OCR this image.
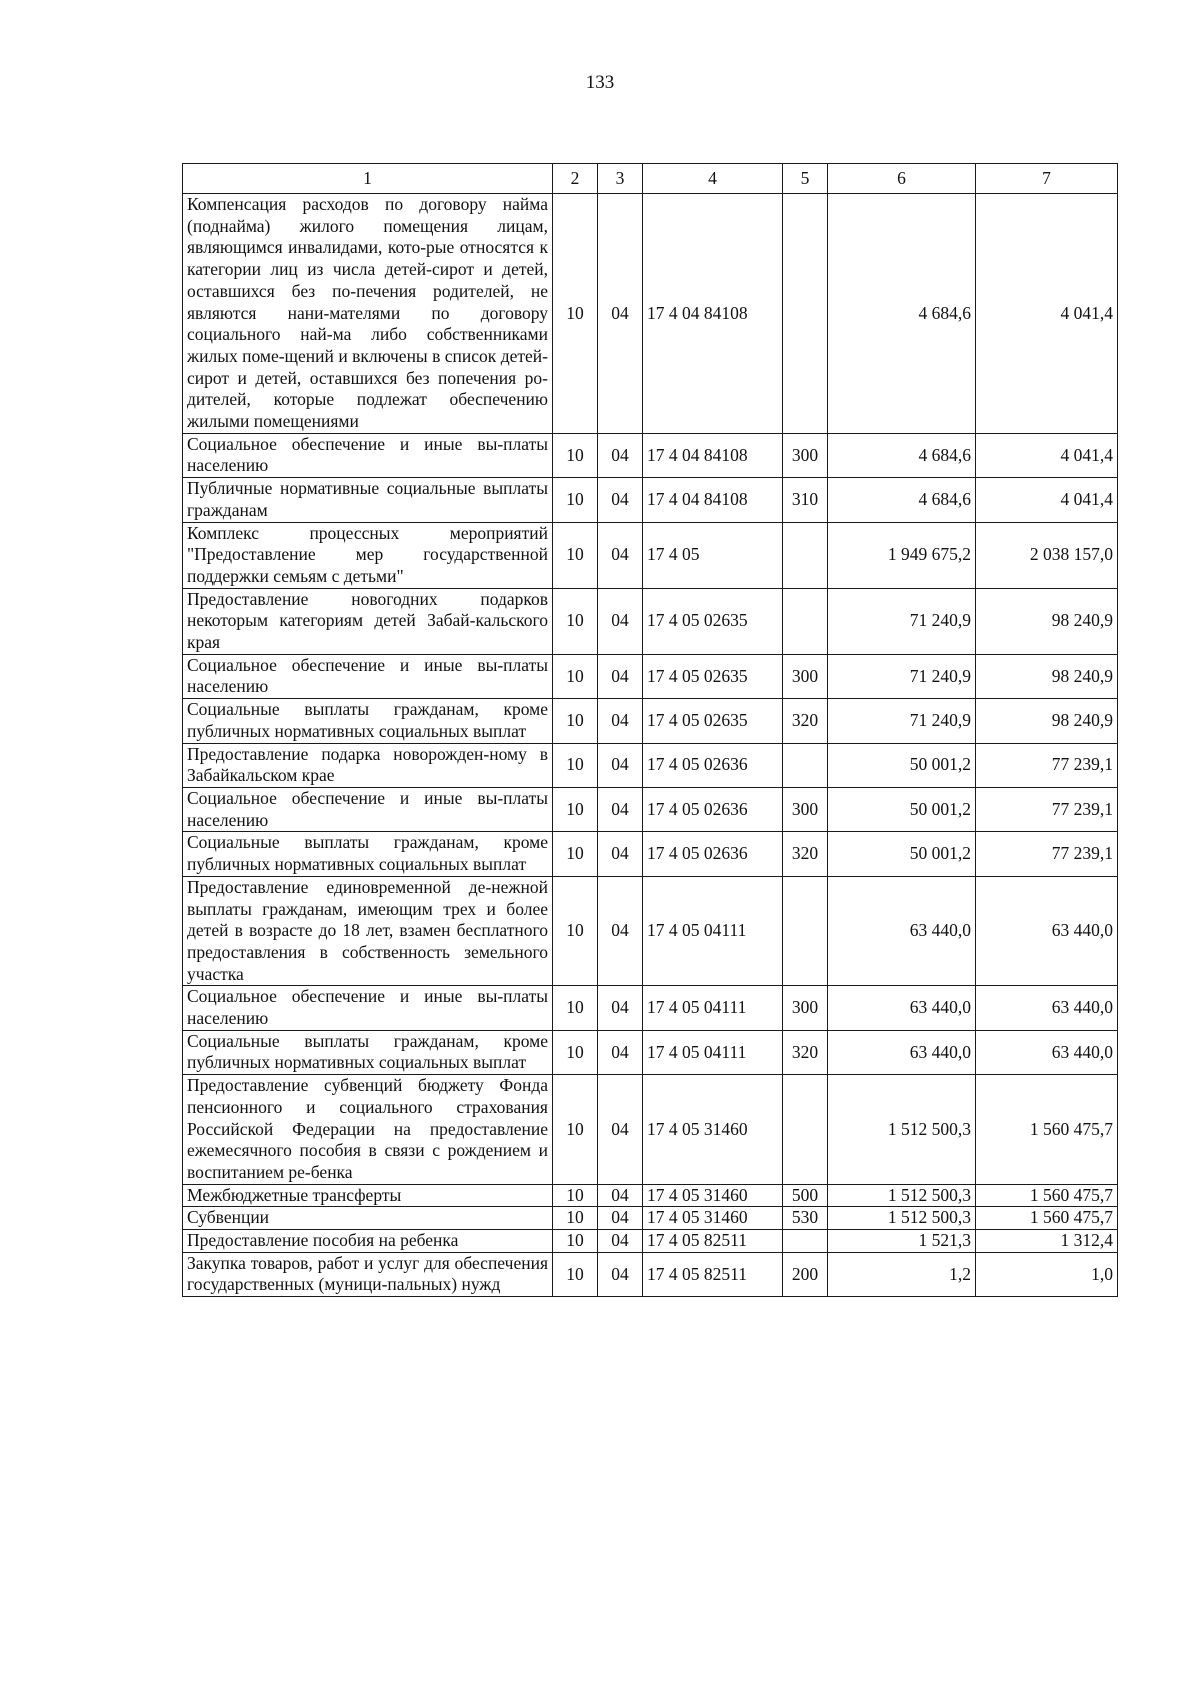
133
1	2	3	4	5	6	7
Компенсация расходов по договору найма (поднайма) жилого помещения лицам, являющимся инвалидами, кото-рые относятся к категории лиц из числа детей-сирот и детей, оставшихся без по-печения родителей, не являются нани-мателями по договору социального най-ма либо собственниками жилых поме-щений и включены в список детей-сирот и детей, оставшихся без попечения ро-дителей, которые подлежат обеспечению жилыми помещениями	10	04	17 4 04 84108		4 684,6	4 041,4
Социальное обеспечение и иные вы-платы населению	10	04	17 4 04 84108	300	4 684,6	4 041,4
Публичные нормативные социальные выплаты гражданам	10	04	17 4 04 84108	310	4 684,6	4 041,4
Комплекс процессных мероприятий "Предоставление мер государственной поддержки семьям с детьми"	10	04	17 4 05		1 949 675,2	2 038 157,0
Предоставление новогодних подарков некоторым категориям детей Забай-кальского края	10	04	17 4 05 02635		71 240,9	98 240,9
Социальное обеспечение и иные вы-платы населению	10	04	17 4 05 02635	300	71 240,9	98 240,9
Социальные выплаты гражданам, кроме публичных нормативных социальных выплат	10	04	17 4 05 02635	320	71 240,9	98 240,9
Предоставление подарка новорожден-ному в Забайкальском крае	10	04	17 4 05 02636		50 001,2	77 239,1
Социальное обеспечение и иные вы-платы населению	10	04	17 4 05 02636	300	50 001,2	77 239,1
Социальные выплаты гражданам, кроме публичных нормативных социальных выплат	10	04	17 4 05 02636	320	50 001,2	77 239,1
Предоставление единовременной де-нежной выплаты гражданам, имеющим трех и более детей в возрасте до 18 лет, взамен бесплатного предоставления в собственность земельного участка	10	04	17 4 05 04111		63 440,0	63 440,0
Социальное обеспечение и иные вы-платы населению	10	04	17 4 05 04111	300	63 440,0	63 440,0
Социальные выплаты гражданам, кроме публичных нормативных социальных выплат	10	04	17 4 05 04111	320	63 440,0	63 440,0
Предоставление субвенций бюджету Фонда пенсионного и социального страхования Российской Федерации на предоставление ежемесячного пособия в связи с рождением и воспитанием ре-бенка	10	04	17 4 05 31460		1 512 500,3	1 560 475,7
Межбюджетные трансферты	10	04	17 4 05 31460	500	1 512 500,3	1 560 475,7
Субвенции	10	04	17 4 05 31460	530	1 512 500,3	1 560 475,7
Предоставление пособия на ребенка	10	04	17 4 05 82511		1 521,3	1 312,4
Закупка товаров, работ и услуг для обеспечения государственных (муници-пальных) нужд	10	04	17 4 05 82511	200	1,2	1,0
